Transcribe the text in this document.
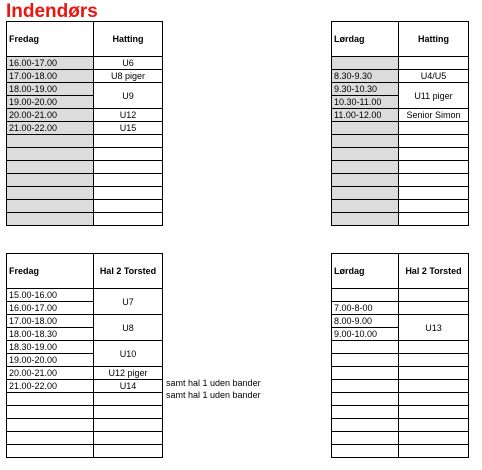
Indendørs
Fredag	Hatting
16.00-17.00	U6
17.00-18.00	U8 piger
18.00-19.00	U9
19.00-20.00	
20.00-21.00	U12
21.00-22.00	U15

Lørdag	Hatting

8.30-9.30	U4/U5
9.30-10.30	U11 piger
10.30-11.00	
11.00-12.00	Senior Simon

Fredag	Hal 2 Torsted
15.00-16.00	U7
16.00-17.00	
17.00-18.00	U8
18.00-18.30	
18.30-19.00	U10
19.00-20.00	
20.00-21.00	U12 piger
21.00-22.00	U14

		samt hal 1 uden bander
samt hal 1 uden bander
Lørdag	Hal 2 Torsted

7.00-8-00	
8.00-9.00	U13
9.00-10.00	
